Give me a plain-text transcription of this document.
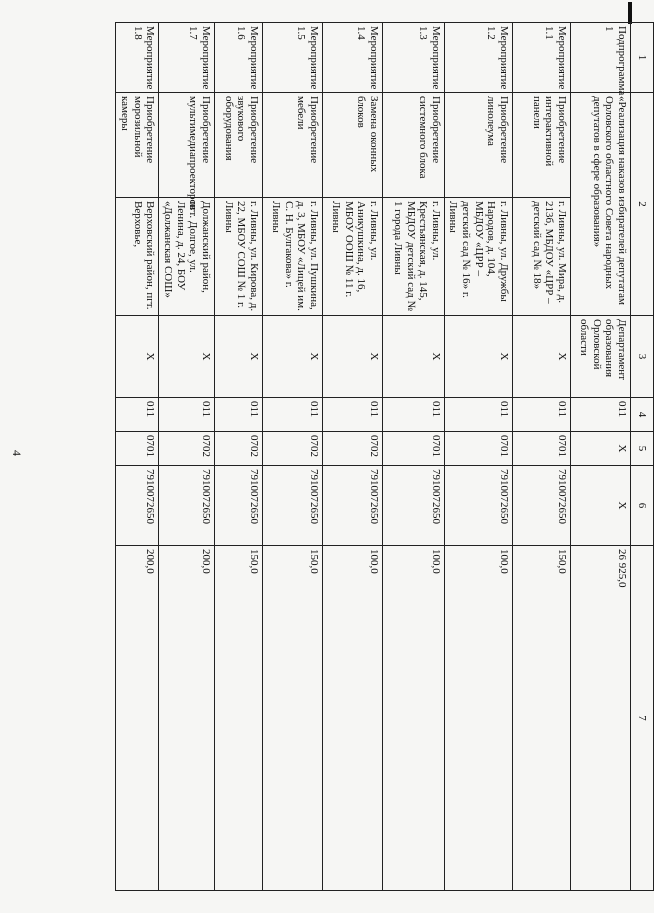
4
1	2		3	4	5	6	7
Подпрограмма 1	«Реализация наказов избирателей депутатам Орловского областного Совета народных депутатов в сфере образования»		Департамент образования Орловской области	011	Х	Х	26 925,0
Мероприятие 1.1	Приобретение интерактивной панели	г. Ливны, ул. Мира, д. 213б, МБДОУ «ЦРР – детский сад № 18»	Х	011	0701	7910072650	150,0
Мероприятие 1.2	Приобретение линолеума	г. Ливны, ул. Дружбы Народов, д. 104, МБДОУ «ЦРР – детский сад № 16» г. Ливны	Х	011	0701	7910072650	100,0
Мероприятие 1.3	Приобретение системного блока	г. Ливны, ул. Крестьянская, д. 145, МБДОУ детский сад № 1 города Ливны	Х	011	0701	7910072650	100,0
Мероприятие 1.4	Замена оконных блоков	г. Ливны, ул. Аникушкина, д. 16, МБОУ ООШ № 11 г. Ливны	Х	011	0702	7910072650	100,0
Мероприятие 1.5	Приобретение мебели	г. Ливны, ул. Пушкина, д. 3, МБОУ «Лицей им. С. Н. Булгакова» г. Ливны	Х	011	0702	7910072650	150,0
Мероприятие 1.6	Приобретение звукового оборудования	г. Ливны, ул. Кирова, д. 22, МБОУ СОШ № 1 г. Ливны	Х	011	0702	7910072650	150,0
Мероприятие 1.7	Приобретение мультимедиапроекторов	Должанский район, пгт. Долгое, ул. Ленина, д. 24, БОУ «Должанская СОШ»	Х	011	0702	7910072650	200,0
Мероприятие 1.8	Приобретение морозильной камеры	Верховский район, пгт. Верховье,	Х	011	0701	7910072650	200,0
